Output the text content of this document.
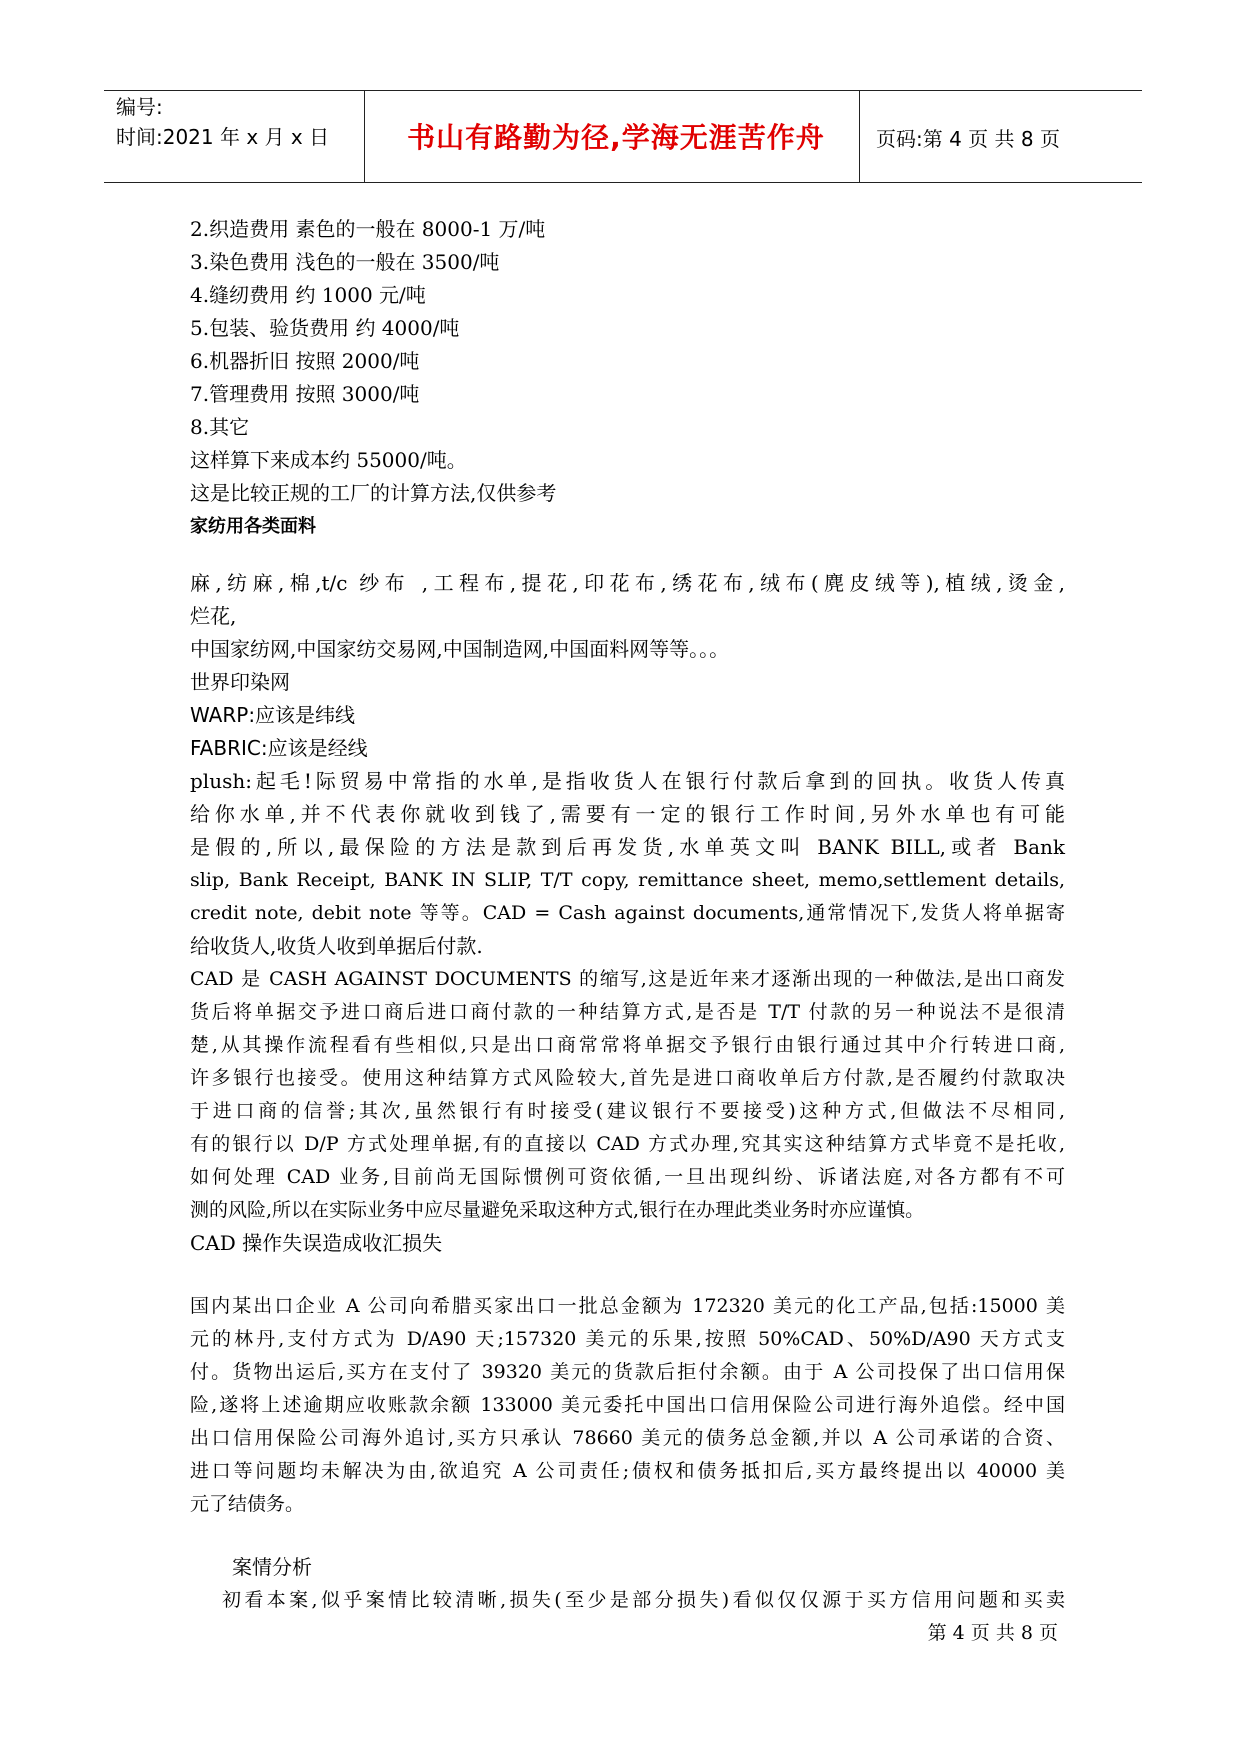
编号:
时间:2021 年 x 月 x 日	书山有路勤为径,学海无涯苦作舟	页码:第 4 页 共 8 页
2.织造费用 素色的一般在 8000-1 万/吨
3.染色费用 浅色的一般在 3500/吨
4.缝纫费用 约 1000 元/吨
5.包装、验货费用 约 4000/吨
6.机器折旧 按照 2000/吨
7.管理费用 按照 3000/吨
8.其它
这样算下来成本约 55000/吨。
这是比较正规的工厂的计算方法,仅供参考
家纺用各类面料
麻,纺麻,棉,t/c 纱布 ,工程布,提花,印花布,绣花布,绒布(麂皮绒等),植绒,烫金,
烂花,
中国家纺网,中国家纺交易网,中国制造网,中国面料网等等。。。
世界印染网
WARP:应该是纬线
FABRIC:应该是经线
plush:起毛!际贸易中常指的水单,是指收货人在银行付款后拿到的回执。收货人传真
给你水单,并不代表你就收到钱了,需要有一定的银行工作时间,另外水单也有可能
是假的,所以,最保险的方法是款到后再发货,水单英文叫 BANK BILL,或者 Bank
slip, Bank Receipt, BANK IN SLIP, T/T copy, remittance sheet, memo,settlement details,
credit note, debit note 等等。CAD = Cash against documents,通常情况下,发货人将单据寄
给收货人,收货人收到单据后付款.
CAD 是 CASH AGAINST DOCUMENTS 的缩写,这是近年来才逐渐出现的一种做法,是出口商发
货后将单据交予进口商后进口商付款的一种结算方式,是否是 T/T 付款的另一种说法不是很清
楚,从其操作流程看有些相似,只是出口商常常将单据交予银行由银行通过其中介行转进口商,
许多银行也接受。使用这种结算方式风险较大,首先是进口商收单后方付款,是否履约付款取决
于进口商的信誉;其次,虽然银行有时接受(建议银行不要接受)这种方式,但做法不尽相同,
有的银行以 D/P 方式处理单据,有的直接以 CAD 方式办理,究其实这种结算方式毕竟不是托收,
如何处理 CAD 业务,目前尚无国际惯例可资依循,一旦出现纠纷、诉诸法庭,对各方都有不可
测的风险,所以在实际业务中应尽量避免采取这种方式,银行在办理此类业务时亦应谨慎。
CAD 操作失误造成收汇损失
国内某出口企业 A 公司向希腊买家出口一批总金额为 172320 美元的化工产品,包括:15000 美
元的林丹,支付方式为 D/A90 天;157320 美元的乐果,按照 50%CAD、50%D/A90 天方式支
付。货物出运后,买方在支付了 39320 美元的货款后拒付余额。由于 A 公司投保了出口信用保
险,遂将上述逾期应收账款余额 133000 美元委托中国出口信用保险公司进行海外追偿。经中国
出口信用保险公司海外追讨,买方只承认 78660 美元的债务总金额,并以 A 公司承诺的合资、
进口等问题均未解决为由,欲追究 A 公司责任;债权和债务抵扣后,买方最终提出以 40000 美
元了结债务。
案情分析
初看本案,似乎案情比较清晰,损失(至少是部分损失)看似仅仅源于买方信用问题和买卖
第 4 页 共 8 页
